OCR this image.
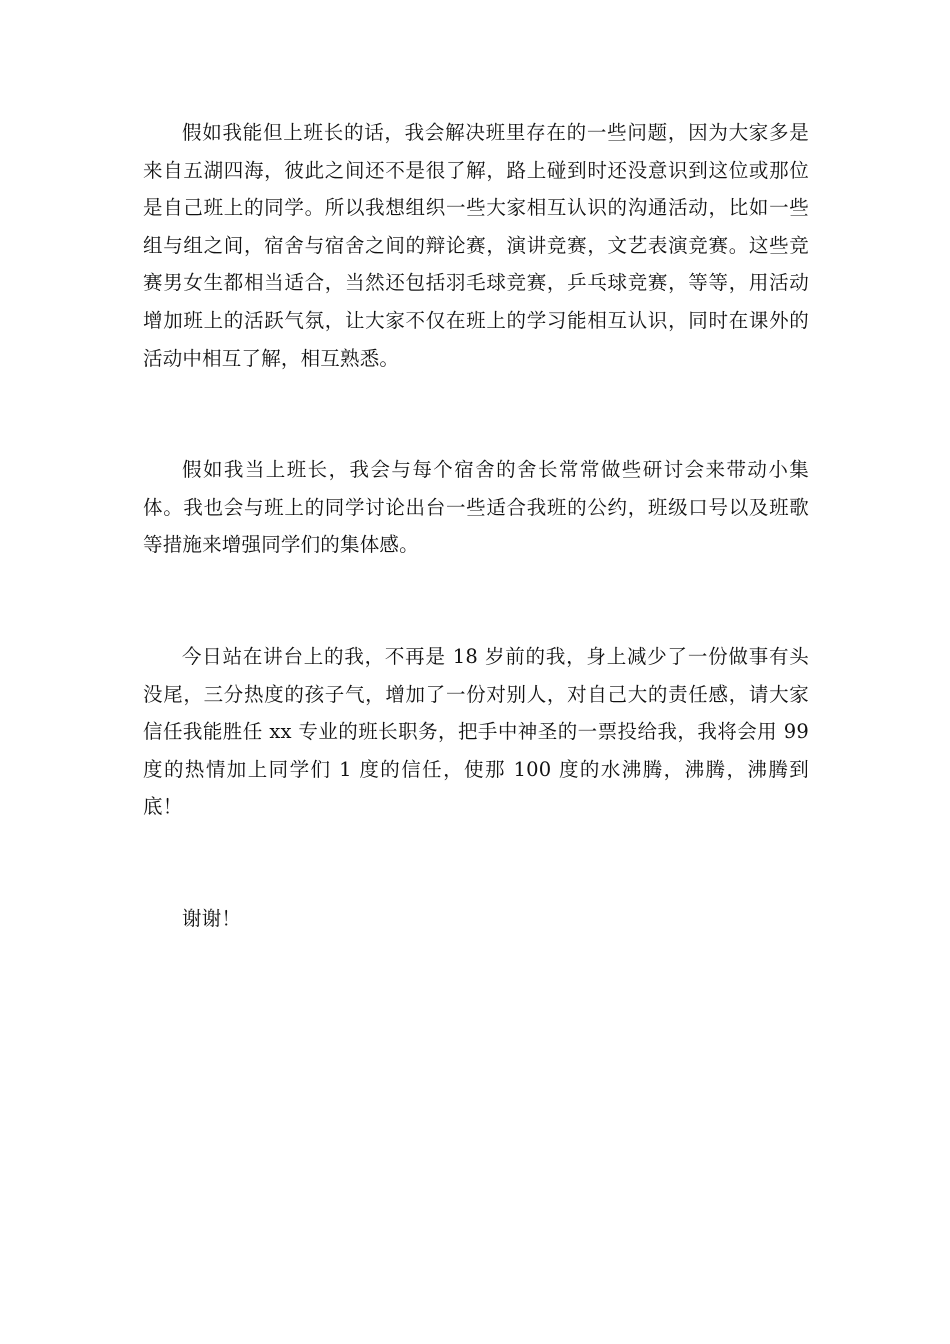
假如我能但上班长的话，我会解决班里存在的一些问题，因为大家多是来自五湖四海，彼此之间还不是很了解，路上碰到时还没意识到这位或那位是自己班上的同学。所以我想组织一些大家相互认识的沟通活动，比如一些组与组之间，宿舍与宿舍之间的辩论赛，演讲竞赛，文艺表演竞赛。这些竞赛男女生都相当适合，当然还包括羽毛球竞赛，乒乓球竞赛，等等，用活动增加班上的活跃气氛，让大家不仅在班上的学习能相互认识，同时在课外的活动中相互了解，相互熟悉。

假如我当上班长，我会与每个宿舍的舍长常常做些研讨会来带动小集体。我也会与班上的同学讨论出台一些适合我班的公约，班级口号以及班歌等措施来增强同学们的集体感。

今日站在讲台上的我，不再是 18 岁前的我，身上减少了一份做事有头没尾，三分热度的孩子气，增加了一份对别人，对自己大的责任感，请大家信任我能胜任 xx 专业的班长职务，把手中神圣的一票投给我，我将会用 99 度的热情加上同学们 1 度的信任，使那 100 度的水沸腾，沸腾，沸腾到底！

谢谢！
